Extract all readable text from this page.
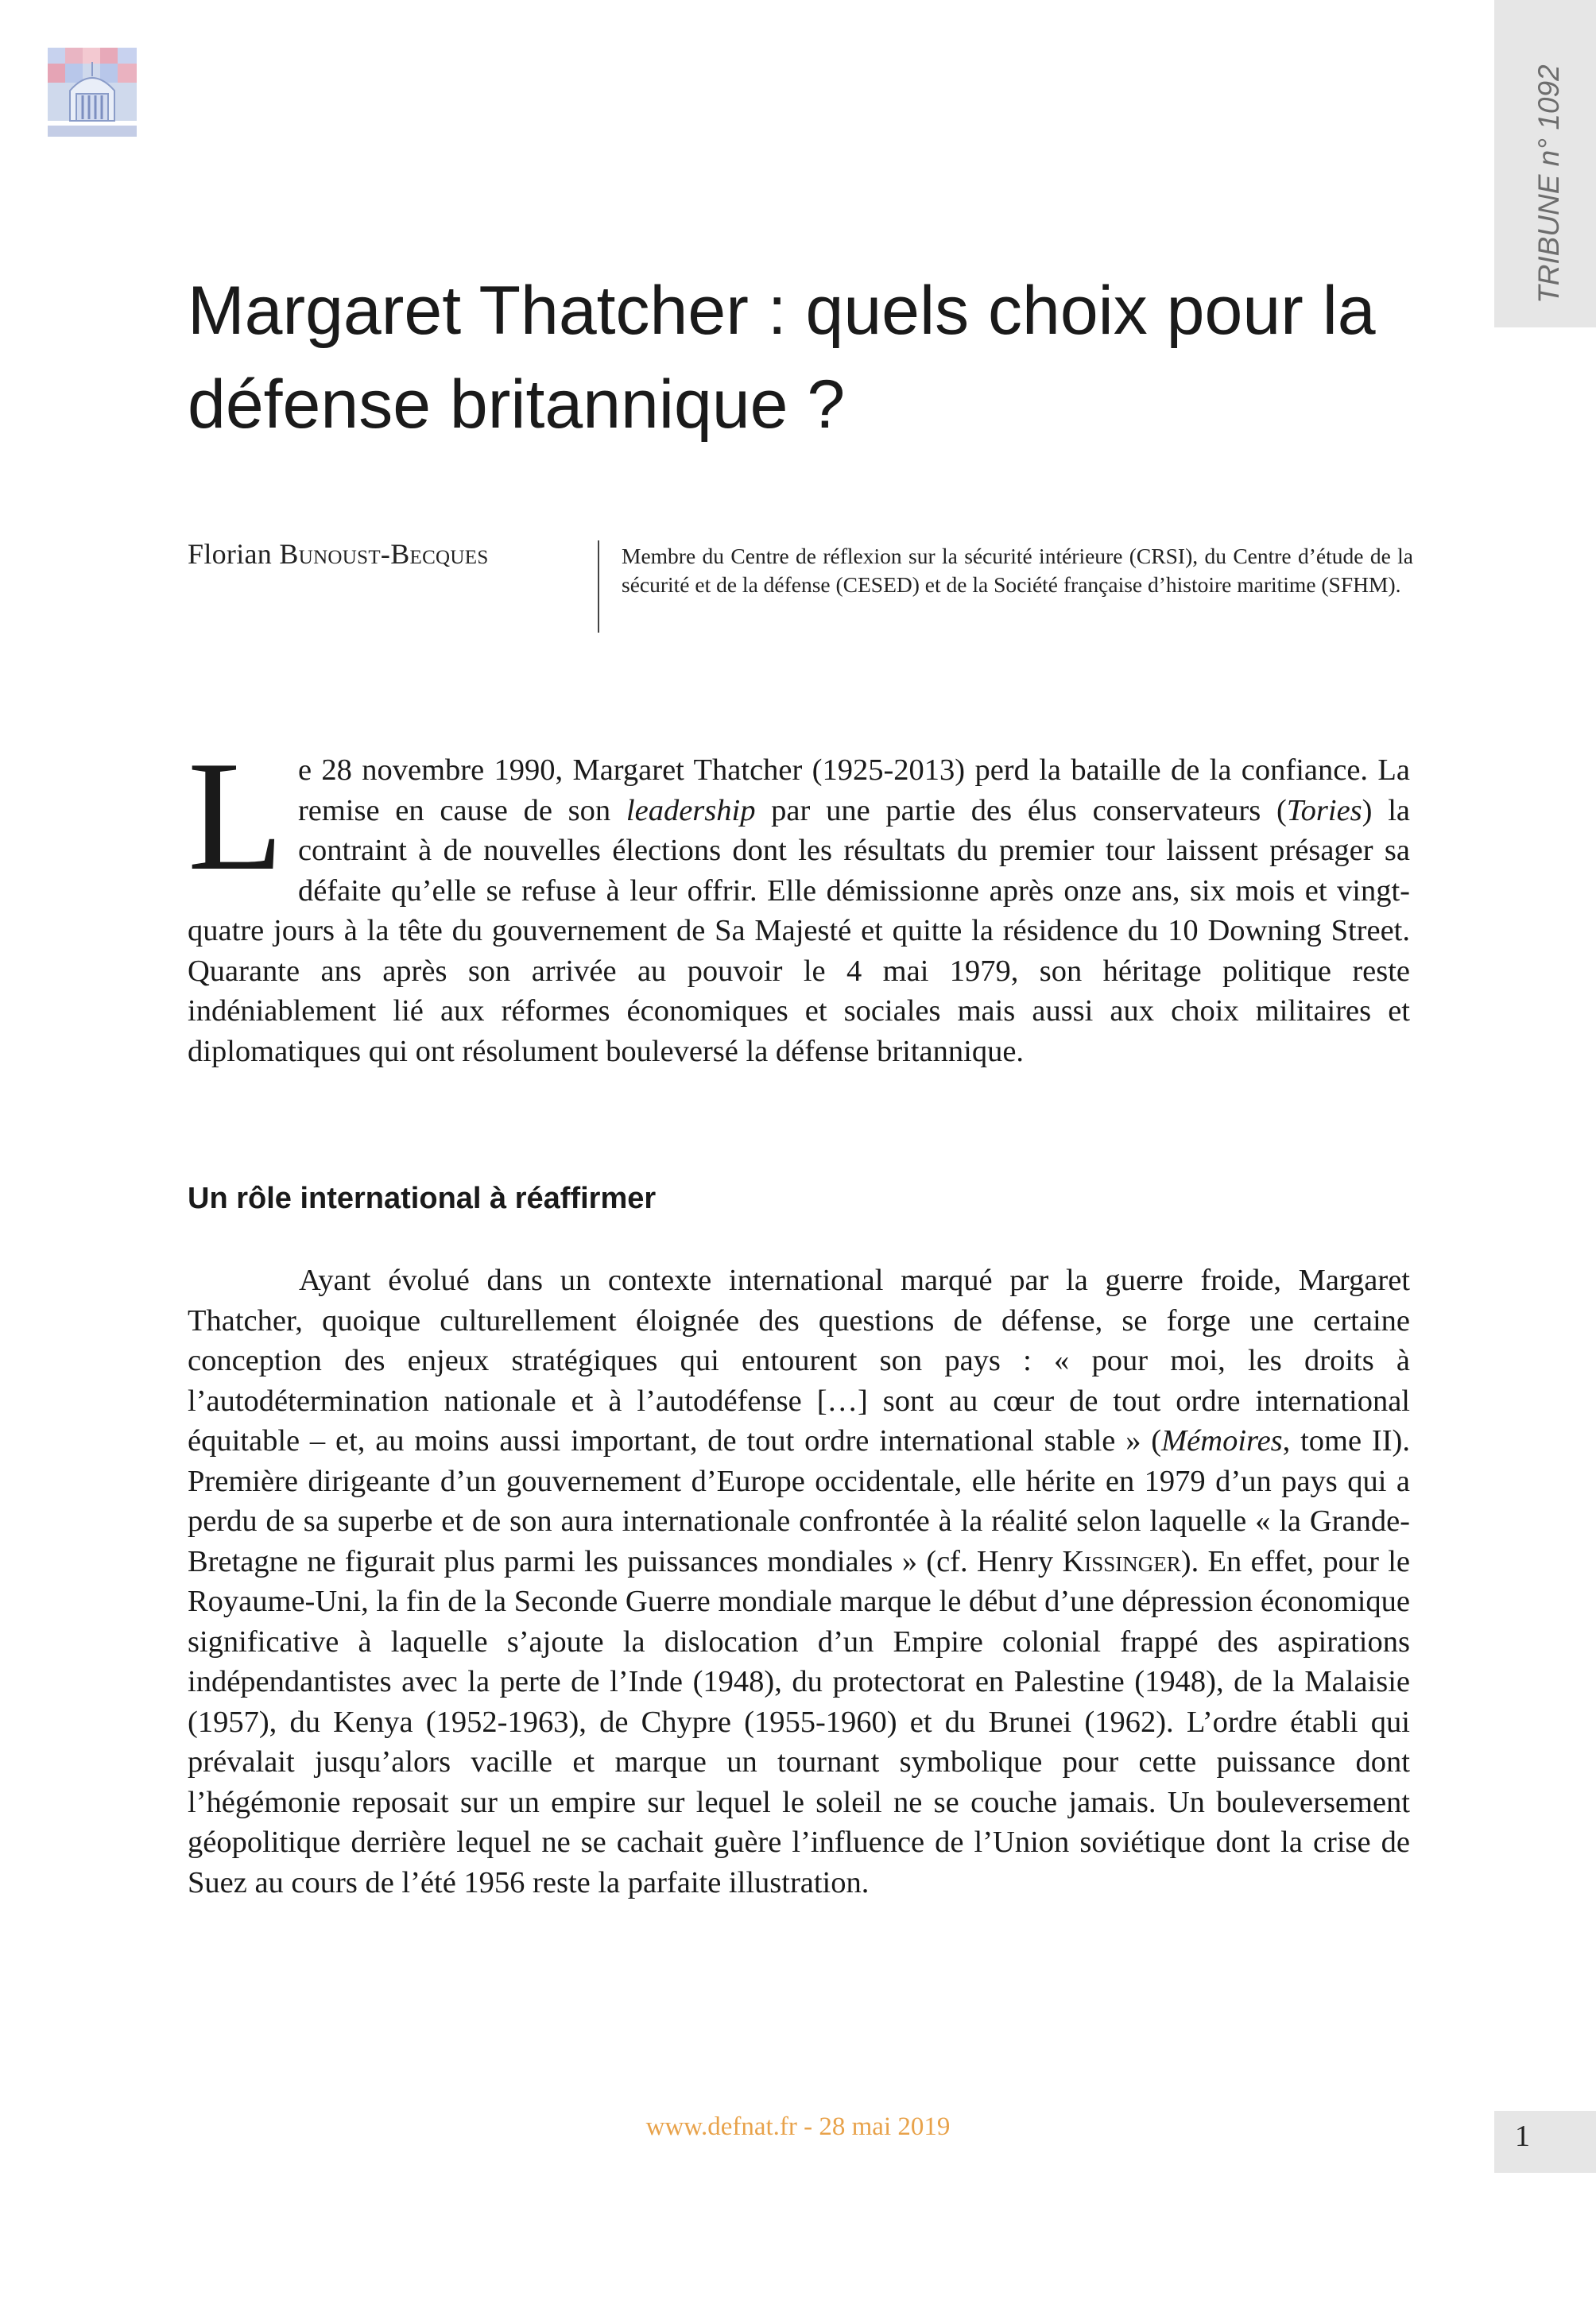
TRIBUNE n° 1092
Margaret Thatcher : quels choix pour la défense britannique ?
Florian Bunoust-Becques	Membre du Centre de réflexion sur la sécurité intérieure (CRSI), du Centre d’étude de la sécurité et de la défense (CESED) et de la Société française d’histoire maritime (SFHM).

Le 28 novembre 1990, Margaret Thatcher (1925-2013) perd la bataille de la confiance. La remise en cause de son leadership par une partie des élus conservateurs (Tories) la contraint à de nouvelles élections dont les résultats du premier tour laissent présager sa défaite qu’elle se refuse à leur offrir. Elle démissionne après onze ans, six mois et vingt-quatre jours à la tête du gouvernement de Sa Majesté et quitte la résidence du 10 Downing Street. Quarante ans après son arrivée au pouvoir le 4 mai 1979, son héritage politique reste indéniablement lié aux réformes économiques et sociales mais aussi aux choix militaires et diplomatiques qui ont résolument bouleversé la défense britannique.

Un rôle international à réaffirmer

Ayant évolué dans un contexte international marqué par la guerre froide, Margaret Thatcher, quoique culturellement éloignée des questions de défense, se forge une certaine conception des enjeux stratégiques qui entourent son pays : « pour moi, les droits à l’autodétermination nationale et à l’autodéfense […] sont au cœur de tout ordre international équitable – et, au moins aussi important, de tout ordre international stable » (Mémoires, tome II). Première dirigeante d’un gouvernement d’Europe occidentale, elle hérite en 1979 d’un pays qui a perdu de sa superbe et de son aura internationale confrontée à la réalité selon laquelle « la Grande-Bretagne ne figurait plus parmi les puissances mondiales » (cf. Henry Kissinger). En effet, pour le Royaume-Uni, la fin de la Seconde Guerre mondiale marque le début d’une dépression économique significative à laquelle s’ajoute la dislocation d’un Empire colonial frappé des aspirations indépendantistes avec la perte de l’Inde (1948), du protectorat en Palestine (1948), de la Malaisie (1957), du Kenya (1952-1963), de Chypre (1955-1960) et du Brunei (1962). L’ordre établi qui prévalait jusqu’alors vacille et marque un tournant symbolique pour cette puissance dont l’hégémonie reposait sur un empire sur lequel le soleil ne se couche jamais. Un bouleversement géopolitique derrière lequel ne se cachait guère l’influence de l’Union soviétique dont la crise de Suez au cours de l’été 1956 reste la parfaite illustration.

www.defnat.fr - 28 mai 2019	1
